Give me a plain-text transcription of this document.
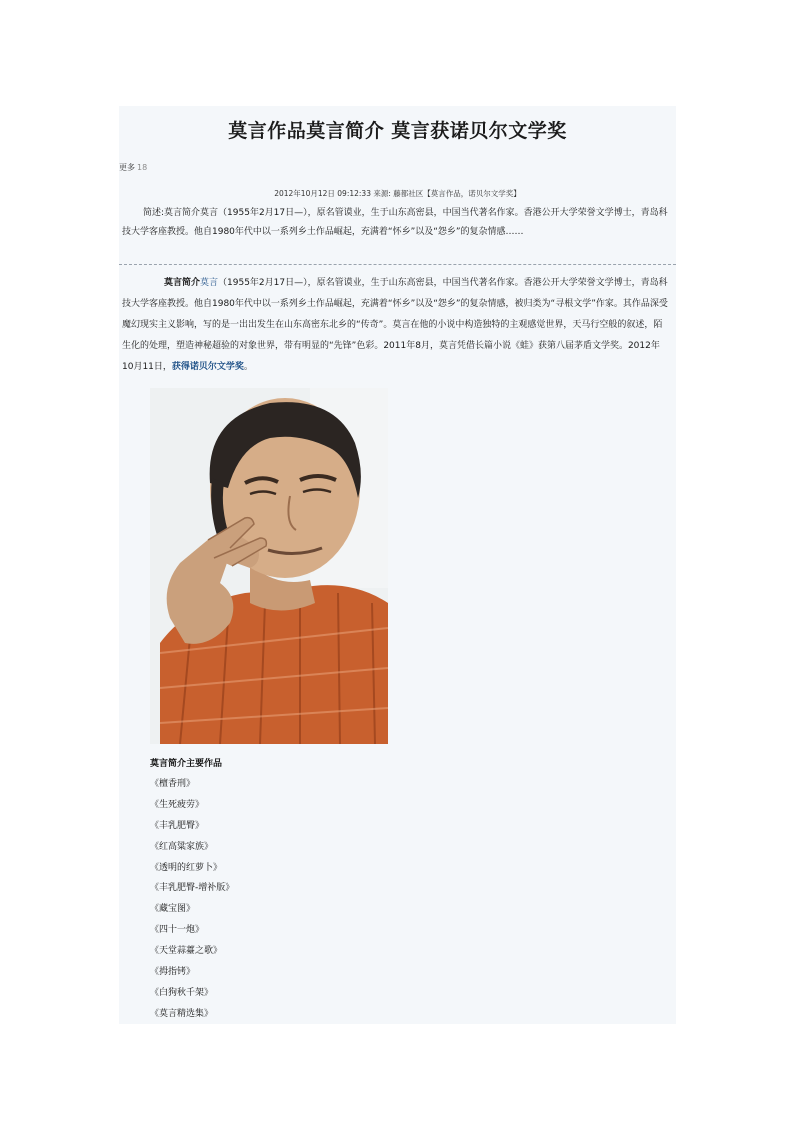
莫言作品莫言简介 莫言获诺贝尔文学奖
更多 18
2012年10月12日 09:12:33 来源: 藤都社区【莫言作品，诺贝尔文学奖】

简述:莫言简介莫言（1955年2月17日—），原名管谟业，生于山东高密县，中国当代著名作家。香港公开大学荣誉文学博士，青岛科技大学客座教授。他自1980年代中以一系列乡土作品崛起，充满着“怀乡”以及“怨乡”的复杂情感……

莫言简介莫言（1955年2月17日—），原名管谟业，生于山东高密县，中国当代著名作家。香港公开大学荣誉文学博士，青岛科技大学客座教授。他自1980年代中以一系列乡土作品崛起，充满着“怀乡”以及“怨乡”的复杂情感，被归类为“寻根文学”作家。其作品深受魔幻现实主义影响，写的是一出出发生在山东高密东北乡的“传奇”。莫言在他的小说中构造独特的主观感觉世界，天马行空般的叙述，陌生化的处理，塑造神秘超验的对象世界，带有明显的“先锋”色彩。2011年8月，莫言凭借长篇小说《蛙》获第八届茅盾文学奖。2012年10月11日，获得诺贝尔文学奖。

莫言简介主要作品
《檀香刑》
《生死疲劳》
《丰乳肥臀》
《红高粱家族》
《透明的红萝卜》
《丰乳肥臀-增补版》
《藏宝图》
《四十一炮》
《天堂蒜薹之歌》
《拇指铐》
《白狗秋千架》
《莫言精选集》
